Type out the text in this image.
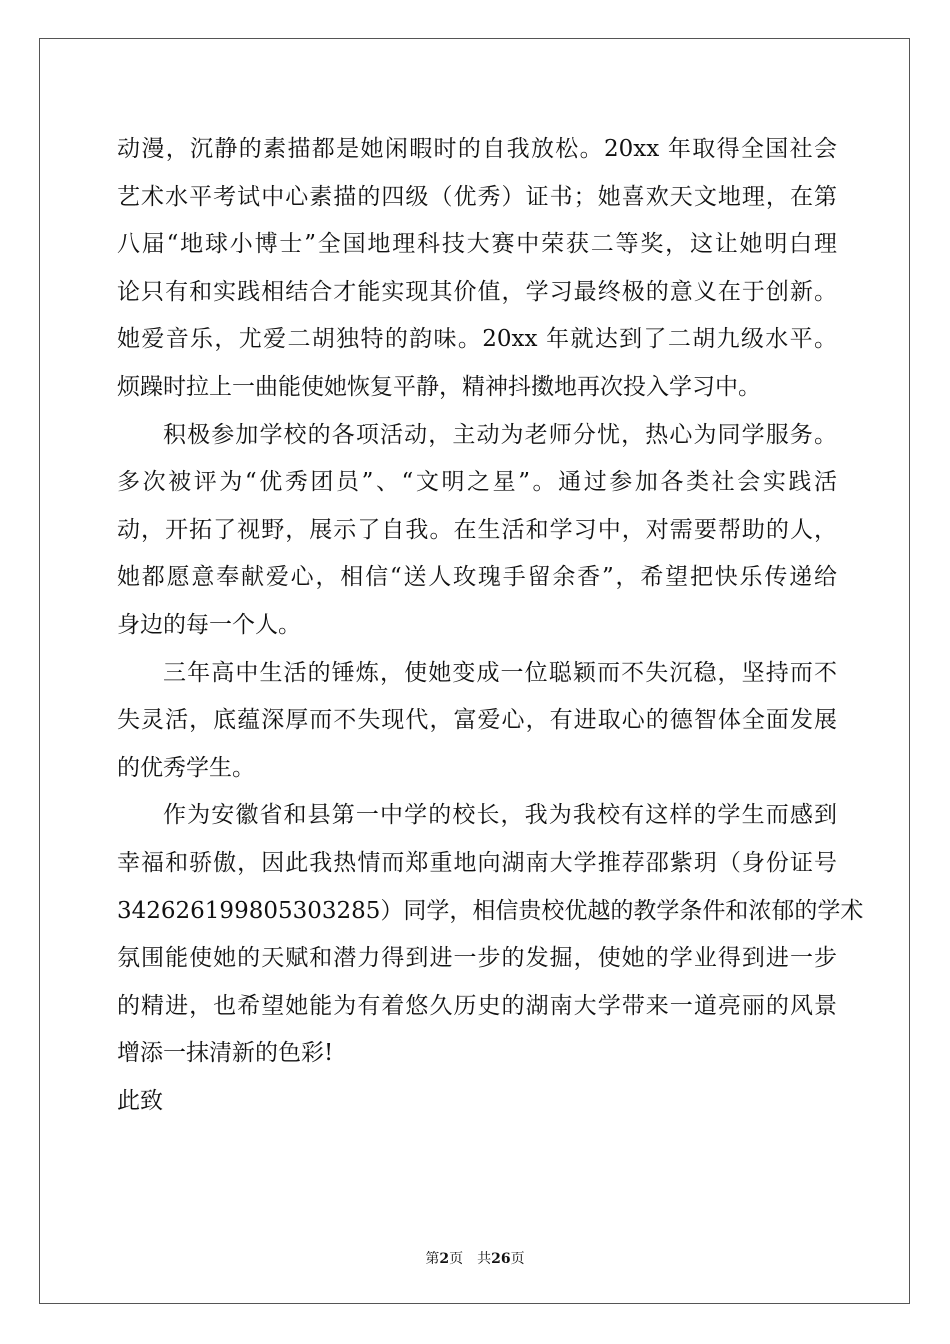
动漫，沉静的素描都是她闲暇时的自我放松。20xx 年取得全国社会
艺术水平考试中心素描的四级（优秀）证书；她喜欢天文地理，在第
八届“地球小博士”全国地理科技大赛中荣获二等奖，这让她明白理
论只有和实践相结合才能实现其价值，学习最终极的意义在于创新。
她爱音乐，尤爱二胡独特的韵味。20xx 年就达到了二胡九级水平。
烦躁时拉上一曲能使她恢复平静，精神抖擞地再次投入学习中。
积极参加学校的各项活动，主动为老师分忧，热心为同学服务。
多次被评为“优秀团员”、“文明之星”。通过参加各类社会实践活
动，开拓了视野，展示了自我。在生活和学习中，对需要帮助的人，
她都愿意奉献爱心，相信“送人玫瑰手留余香”，希望把快乐传递给
身边的每一个人。
三年高中生活的锤炼，使她变成一位聪颖而不失沉稳，坚持而不
失灵活，底蕴深厚而不失现代，富爱心，有进取心的德智体全面发展
的优秀学生。
作为安徽省和县第一中学的校长，我为我校有这样的学生而感到
幸福和骄傲，因此我热情而郑重地向湖南大学推荐邵紫玥（身份证号
342626199805303285）同学，相信贵校优越的教学条件和浓郁的学术
氛围能使她的天赋和潜力得到进一步的发掘，使她的学业得到进一步
的精进，也希望她能为有着悠久历史的湖南大学带来一道亮丽的风景
增添一抹清新的色彩!
此致
第2页 共26页
